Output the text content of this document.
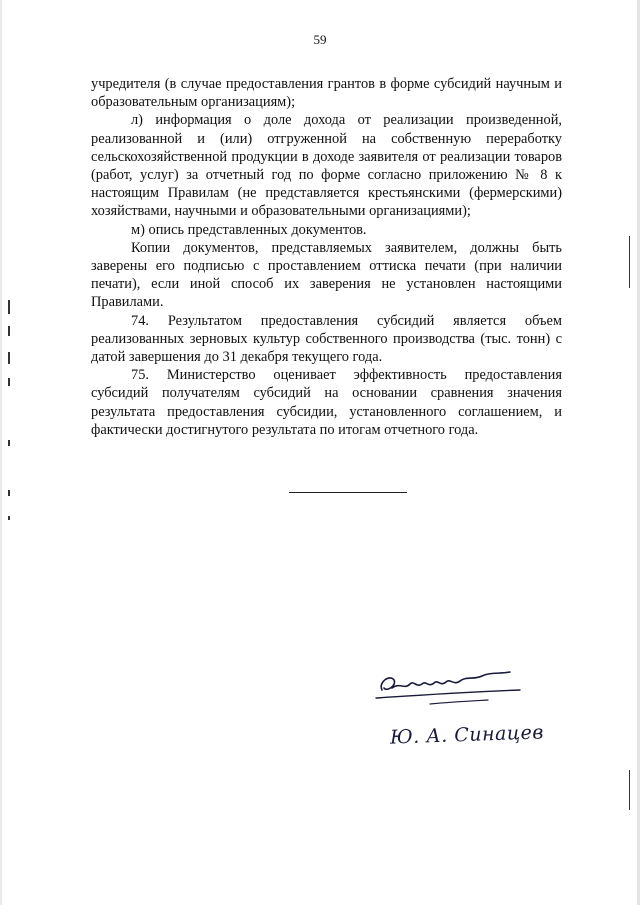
59

учредителя (в случае предоставления грантов в форме субсидий научным и образовательным организациям);

л) информация о доле дохода от реализации произведенной, реализованной и (или) отгруженной на собственную переработку сельскохозяйственной продукции в доходе заявителя от реализации товаров (работ, услуг) за отчетный год по форме согласно приложению № 8 к настоящим Правилам (не представляется крестьянскими (фермерскими) хозяйствами, научными и образовательными организациями);

м) опись представленных документов.

Копии документов, представляемых заявителем, должны быть заверены его подписью с проставлением оттиска печати (при наличии печати), если иной способ их заверения не установлен настоящими Правилами.

74. Результатом предоставления субсидий является объем реализованных зерновых культур собственного производства (тыс. тонн) с датой завершения до 31 декабря текущего года.

75. Министерство оценивает эффективность предоставления субсидий получателям субсидий на основании сравнения значения результата предоставления субсидии, установленного соглашением, и фактически достигнутого результата по итогам отчетного года.

Ю. А. Синацев
